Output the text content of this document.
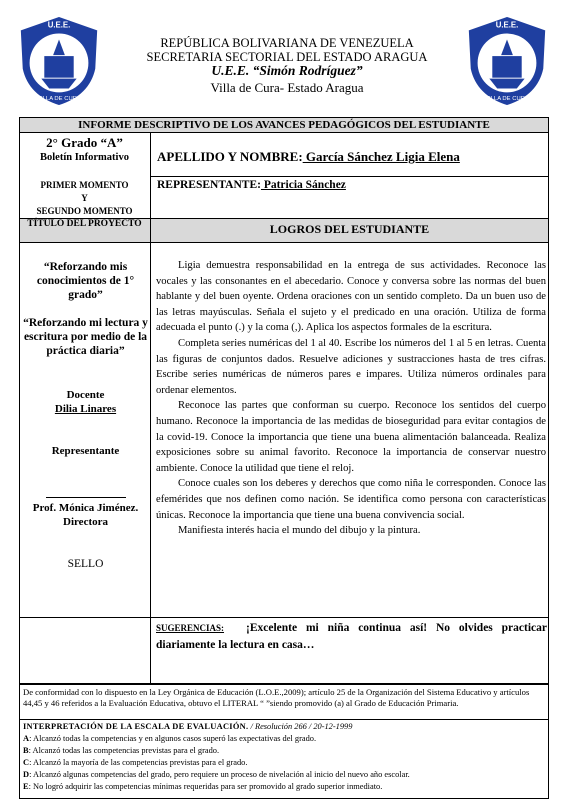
REPÚBLICA BOLIVARIANA DE VENEZUELA
SECRETARIA SECTORIAL DEL ESTADO ARAGUA
U.E.E. “Simón Rodríguez”
Villa de Cura- Estado Aragua
U.E.E.
VILLA DE CURA
U.E.E.
VILLA DE CURA
INFORME DESCRIPTIVO DE LOS AVANCES PEDAGÓGICOS DEL ESTUDIANTE
2° Grado “A”
Boletín Informativo	APELLIDO Y NOMBRE: García Sánchez Ligia Elena
PRIMER MOMENTO
Y
SEGUNDO MOMENTO
REPRESENTANTE: Patricia Sánchez
TÍTULO DEL PROYECTO	LOGROS DEL ESTUDIANTE
“Reforzando mis conocimientos de 1° grado”
“Reforzando mi lectura y escritura por medio de la práctica diaria”
Docente
Dilia Linares
Representante
Prof. Mónica Jiménez.
Directora
SELLO

Ligia demuestra responsabilidad en la entrega de sus actividades. Reconoce las vocales y las consonantes en el abecedario. Conoce y conversa sobre las normas del buen hablante y del buen oyente. Ordena oraciones con un sentido completo. Da un buen uso de las letras mayúsculas. Señala el sujeto y el predicado en una oración. Utiliza de forma adecuada el punto (.) y la coma (,). Aplica los aspectos formales de la escritura.

Completa series numéricas del 1 al 40. Escribe los números del 1 al 5 en letras. Cuenta las figuras de conjuntos dados. Resuelve adiciones y sustracciones hasta de tres cifras. Escribe series numéricas de números pares e impares. Utiliza números ordinales para ordenar elementos.

Reconoce las partes que conforman su cuerpo. Reconoce los sentidos del cuerpo humano. Reconoce la importancia de las medidas de bioseguridad para evitar contagios de la covid-19. Conoce la importancia que tiene una buena alimentación balanceada. Realiza exposiciones sobre su animal favorito. Reconoce la importancia de conservar nuestro ambiente. Conoce la utilidad que tiene el reloj.

Conoce cuales son los deberes y derechos que como niña le corresponden. Conoce las efemérides que nos definen como nación. Se identifica como persona con características únicas. Reconoce la importancia que tiene una buena convivencia social.

Manifiesta interés hacia el mundo del dibujo y la pintura.

SUGERENCIAS: ¡Excelente mi niña continua así! No olvides practicar diariamente la lectura en casa…
De conformidad con lo dispuesto en la Ley Orgánica de Educación (L.O.E.,2009); artículo 25 de la Organización del Sistema Educativo y artículos 44,45 y 46 referidos a la Evaluación Educativa, obtuvo el LITERAL “ ”siendo promovido (a) al Grado de Educación Primaria.

INTERPRETACIÓN DE LA ESCALA DE EVALUACIÓN. / Resolución 266 / 20-12-1999

A: Alcanzó todas la competencias y en algunos casos superó las expectativas del grado.

B: Alcanzó todas las competencias previstas para el grado.

C: Alcanzó la mayoría de las competencias previstas para el grado.

D: Alcanzó algunas competencias del grado, pero requiere un proceso de nivelación al inicio del nuevo año escolar.

E: No logró adquirir las competencias mínimas requeridas para ser promovido al grado superior inmediato.
